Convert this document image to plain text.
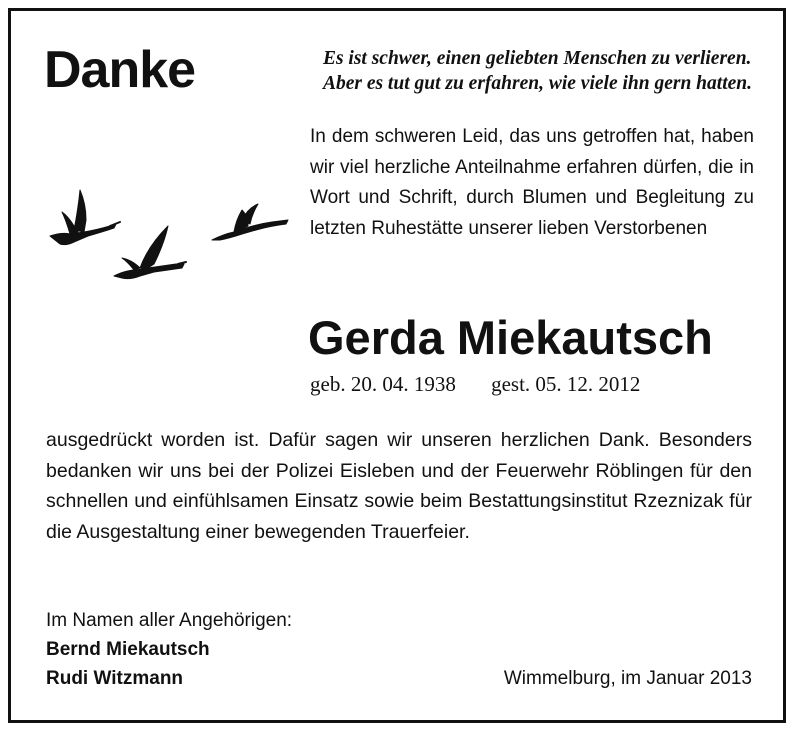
Danke	Es ist schwer, einen geliebten Menschen zu verlieren.
Aber es tut gut zu erfahren, wie viele ihn gern hatten.

In dem schweren Leid, das uns getroffen hat, haben wir viel herzliche Anteilnahme erfahren dürfen, die in Wort und Schrift, durch Blumen und Begleitung zu letzten Ruhestätte unserer lieben Verstorbenen

Gerda Miekautsch
geb. 20. 04. 1938 gest. 05. 12. 2012

ausgedrückt worden ist. Dafür sagen wir unseren herzlichen Dank. Besonders bedanken wir uns bei der Polizei Eisleben und der Feuerwehr Röblingen für den schnellen und einfühlsamen Einsatz sowie beim Bestattungsinstitut Rzeznizak für die Ausgestaltung einer bewegenden Trauerfeier.

Im Namen aller Angehörigen:
Bernd Miekautsch
Rudi Witzmann	Wimmelburg, im Januar 2013
